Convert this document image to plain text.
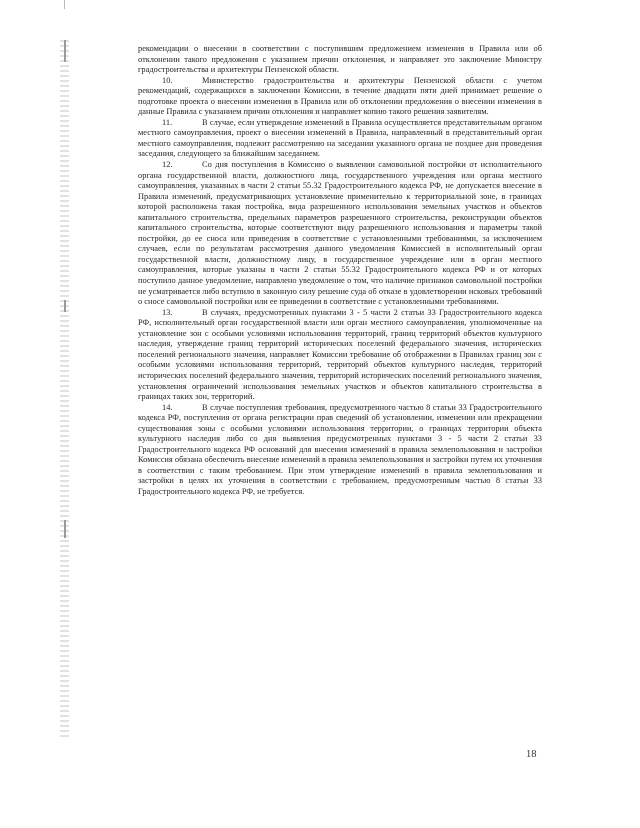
рекомендации о внесении в соответствии с поступившим предложением изменения в Правила или об отклонении такого предложения с указанием причин отклонения, и направляет это заключение Министру градостроительства и архитектуры Пензенской области.

10.	Министерство градостроительства и архитектуры Пензенской области с учетом рекомендаций, содержащихся в заключении Комиссии, в течение двадцати пяти дней принимает решение о подготовке проекта о внесении изменения в Правила или об отклонении предложения о внесении изменения в данные Правила с указанием причин отклонения и направляет копию такого решения заявителям.

11.	В случае, если утверждение изменений в Правила осуществляется представительным органом местного самоуправления, проект о внесении изменений в Правила, направленный в представительный орган местного самоуправления, подлежит рассмотрению на заседании указанного органа не позднее дня проведения заседания, следующего за ближайшим заседанием.

12.	Со дня поступления в Комиссию о выявлении самовольной постройки от исполнительного органа государственной власти, должностного лица, государственного учреждения или органа местного самоуправления, указанных в части 2 статьи 55.32 Градостроительного кодекса РФ, не допускается внесение в Правила изменений, предусматривающих установление применительно к территориальной зоне, в границах которой расположена такая постройка, вида разрешенного использования земельных участков и объектов капитального строительства, предельных параметров разрешенного строительства, реконструкции объектов капитального строительства, которые соответствуют виду разрешенного использования и параметры такой постройки, до ее сноса или приведения в соответствие с установленными требованиями, за исключением случаев, если по результатам рассмотрения данного уведомления Комиссией в исполнительный орган государственной власти, должностному лицу, в государственное учреждение или в орган местного самоуправления, которые указаны в части 2 статьи 55.32 Градостроительного кодекса РФ и от которых поступило данное уведомление, направлено уведомление о том, что наличие признаков самовольной постройки не усматривается либо вступило в законную силу решение суда об отказе в удовлетворении исковых требований о сносе самовольной постройки или ее приведении в соответствие с установленными требованиями.

13.	В случаях, предусмотренных пунктами 3 - 5 части 2 статьи 33 Градостроительного кодекса РФ, исполнительный орган государственной власти или орган местного самоуправления, уполномоченные на установление зон с особыми условиями использования территорий, границ территорий объектов культурного наследия, утверждение границ территорий исторических поселений федерального значения, исторических поселений регионального значения, направляет Комиссии требование об отображении в Правилах границ зон с особыми условиями использования территорий, территорий объектов культурного наследия, территорий исторических поселений федерального значения, территорий исторических поселений регионального значения, установления ограничений использования земельных участков и объектов капитального строительства в границах таких зон, территорий.

14.	В случае поступления требования, предусмотренного частью 8 статьи 33 Градостроительного кодекса РФ, поступления от органа регистрации прав сведений об установлении, изменении или прекращении существования зоны с особыми условиями использования территории, о границах территории объекта культурного наследия либо со дня выявления предусмотренных пунктами 3 - 5 части 2 статьи 33 Градостроительного кодекса РФ оснований для внесения изменений в правила землепользования и застройки Комиссия обязана обеспечить внесение изменений в правила землепользования и застройки путем их уточнения в соответствии с таким требованием. При этом утверждение изменений в правила землепользования и застройки в целях их уточнения в соответствии с требованием, предусмотренным частью 8 статьи 33 Градостроительного кодекса РФ, не требуется.

18
